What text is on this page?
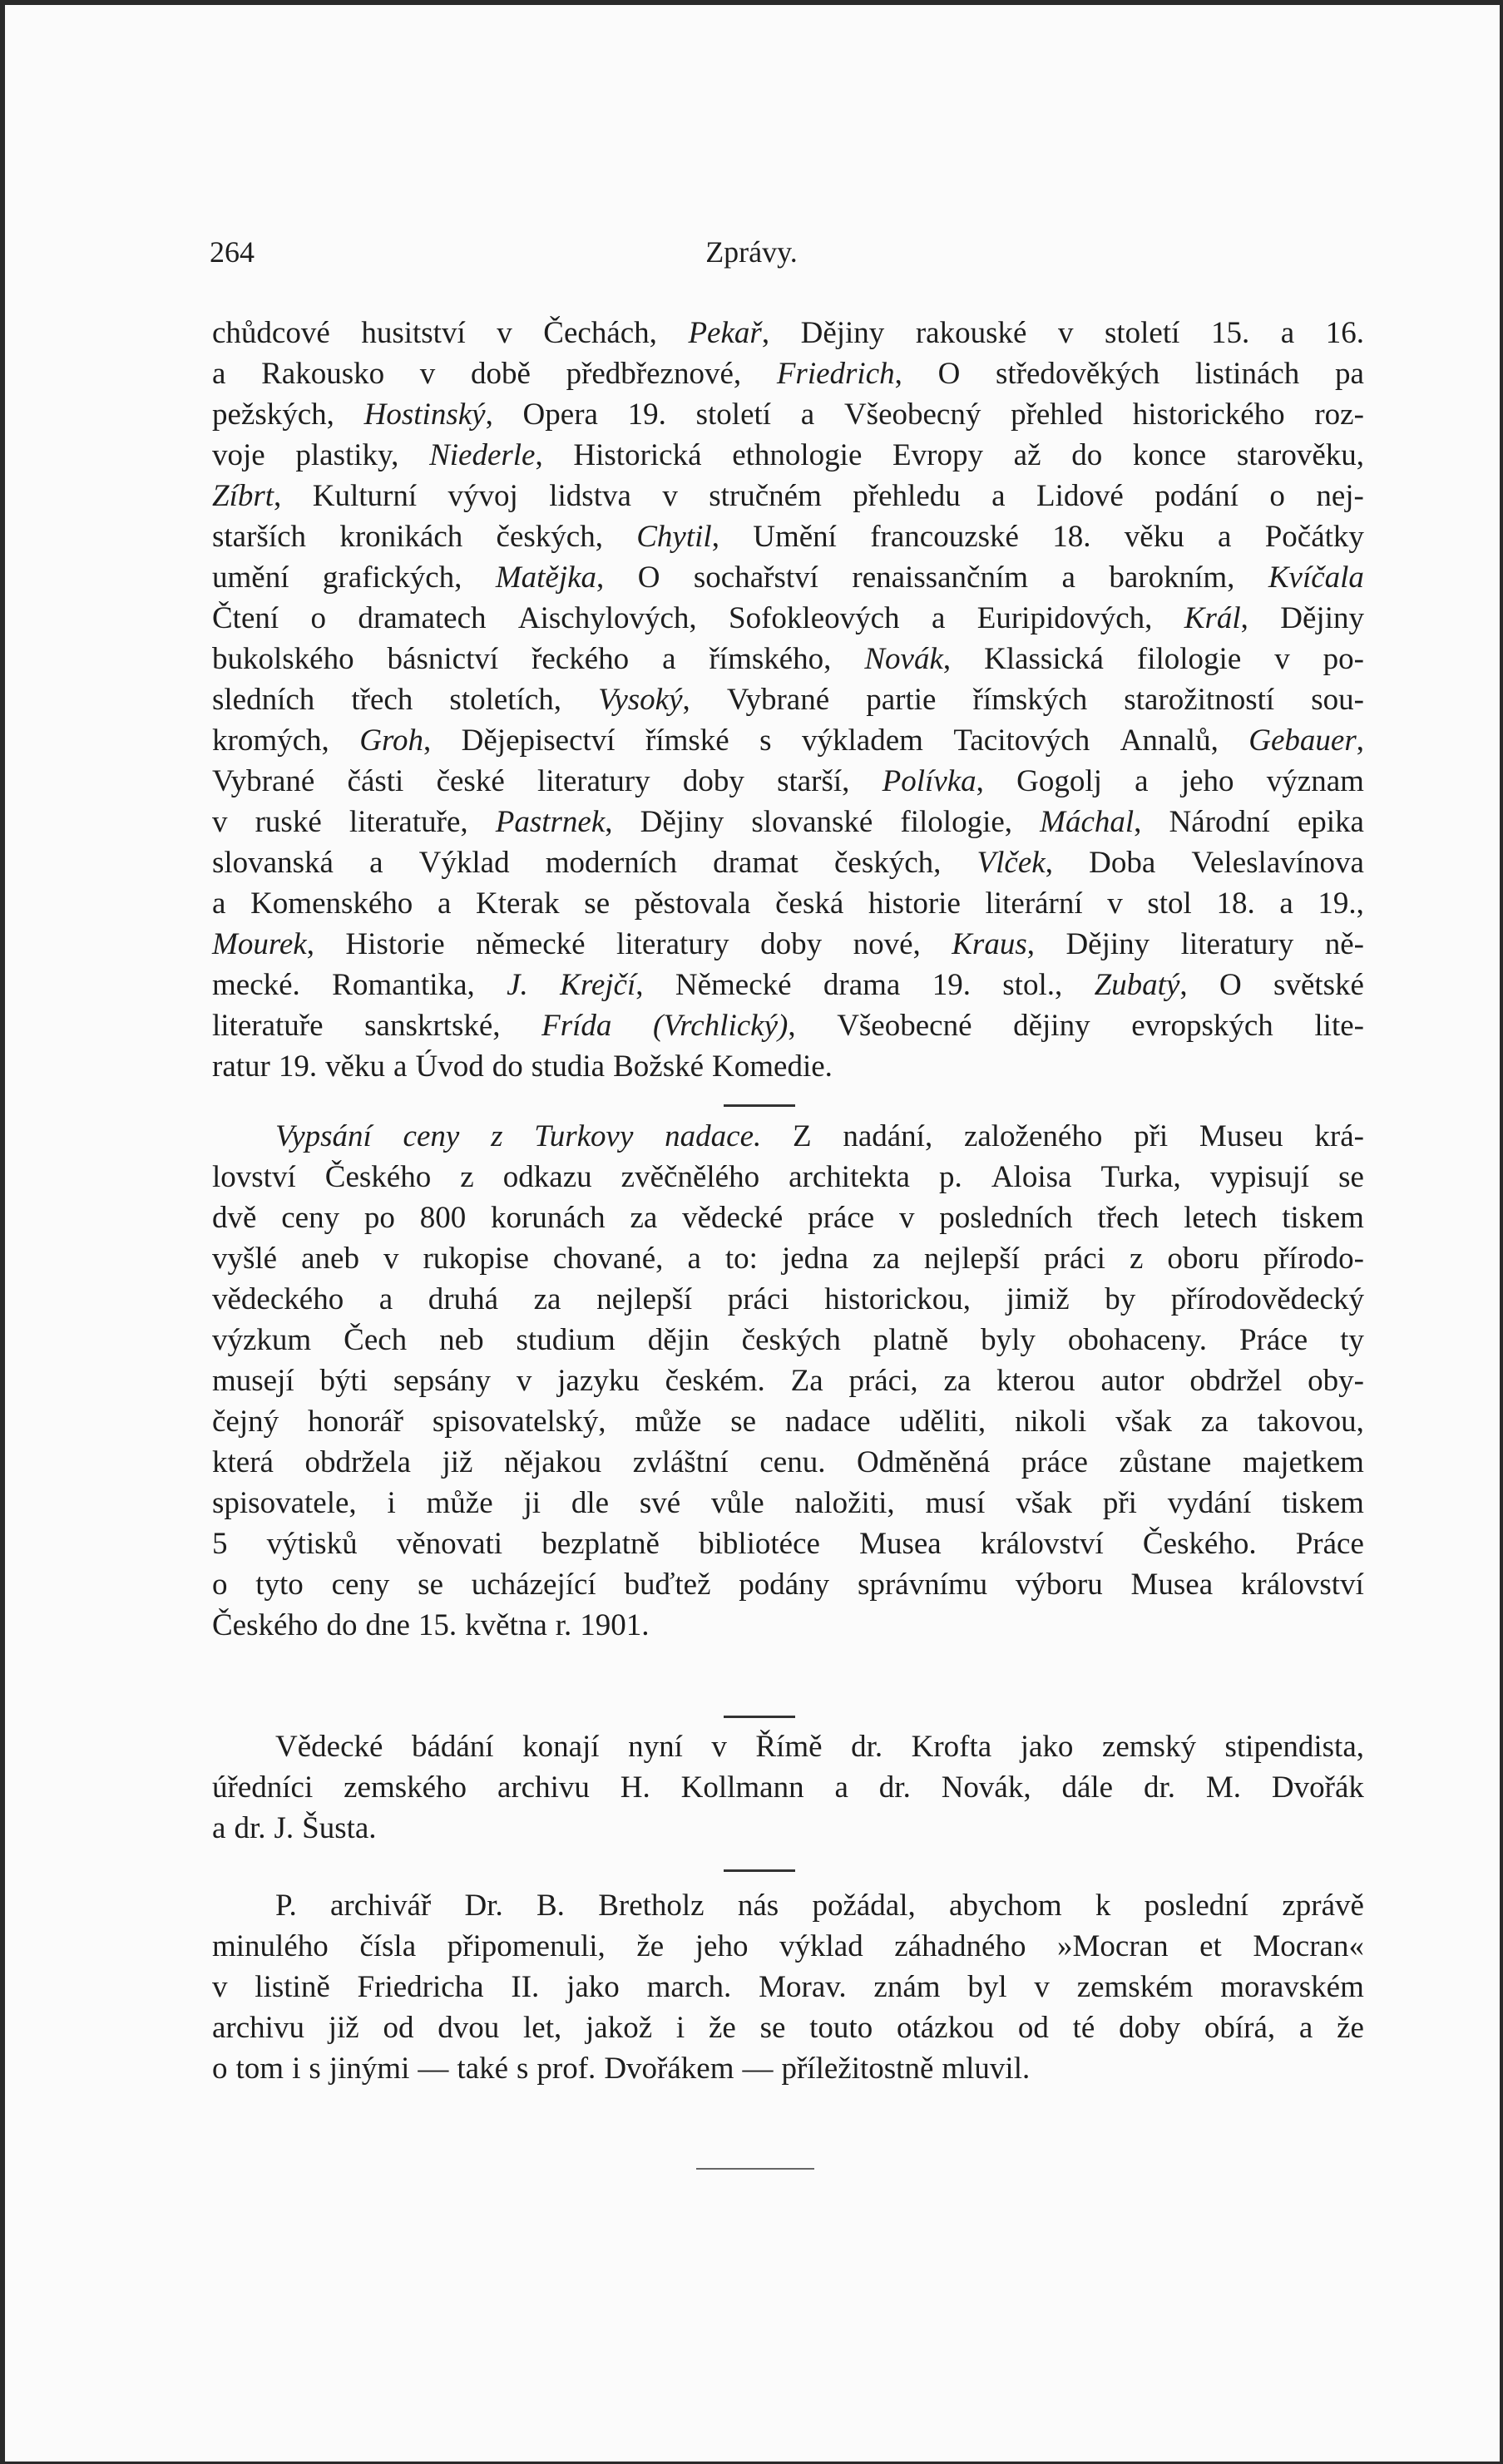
264	Zprávy.
chůdcové husitství v Čechách, Pekař, Dějiny rakouské v století 15. a 16.
a Rakousko v době předbřeznové, Friedrich, O středověkých listinách pa
pežských, Hostinský, Opera 19. století a Všeobecný přehled historického roz-
voje plastiky, Niederle, Historická ethnologie Evropy až do konce starověku,
Zíbrt, Kulturní vývoj lidstva v stručném přehledu a Lidové podání o nej-
starších kronikách českých, Chytil, Umění francouzské 18. věku a Počátky
umění grafických, Matějka, O sochařství renaissančním a barokním, Kvíčala
Čtení o dramatech Aischylových, Sofokleových a Euripidových, Král, Dějiny
bukolského básnictví řeckého a římského, Novák, Klassická filologie v po-
sledních třech stoletích, Vysoký, Vybrané partie římských starožitností sou-
kromých, Groh, Dějepisectví římské s výkladem Tacitových Annalů, Gebauer,
Vybrané části české literatury doby starší, Polívka, Gogolj a jeho význam
v ruské literatuře, Pastrnek, Dějiny slovanské filologie, Máchal, Národní epika
slovanská a Výklad moderních dramat českých, Vlček, Doba Veleslavínova
a Komenského a Kterak se pěstovala česká historie literární v stol 18. a 19.,
Mourek, Historie německé literatury doby nové, Kraus, Dějiny literatury ně-
mecké. Romantika, J. Krejčí, Německé drama 19. stol., Zubatý, O světské
literatuře sanskrtské, Frída (Vrchlický), Všeobecné dějiny evropských lite-
ratur 19. věku a Úvod do studia Božské Komedie.
Vypsání ceny z Turkovy nadace. Z nadání, založeného při Museu krá-
lovství Českého z odkazu zvěčnělého architekta p. Aloisa Turka, vypisují se
dvě ceny po 800 korunách za vědecké práce v posledních třech letech tiskem
vyšlé aneb v rukopise chované, a to: jedna za nejlepší práci z oboru přírodo-
vědeckého a druhá za nejlepší práci historickou, jimiž by přírodovědecký
výzkum Čech neb studium dějin českých platně byly obohaceny. Práce ty
musejí býti sepsány v jazyku českém. Za práci, za kterou autor obdržel oby-
čejný honorář spisovatelský, může se nadace uděliti, nikoli však za takovou,
která obdržela již nějakou zvláštní cenu. Odměněná práce zůstane majetkem
spisovatele, i může ji dle své vůle naložiti, musí však při vydání tiskem
5 výtisků věnovati bezplatně bibliotéce Musea království Českého. Práce
o tyto ceny se ucházející buďtež podány správnímu výboru Musea království
Českého do dne 15. května r. 1901.
Vědecké bádání konají nyní v Římě dr. Krofta jako zemský stipendista,
úředníci zemského archivu H. Kollmann a dr. Novák, dále dr. M. Dvořák
a dr. J. Šusta.
P. archivář Dr. B. Bretholz nás požádal, abychom k poslední zprávě
minulého čísla připomenuli, že jeho výklad záhadného »Mocran et Mocran«
v listině Friedricha II. jako march. Morav. znám byl v zemském moravském
archivu již od dvou let, jakož i že se touto otázkou od té doby obírá, a že
o tom i s jinými — také s prof. Dvořákem — příležitostně mluvil.
